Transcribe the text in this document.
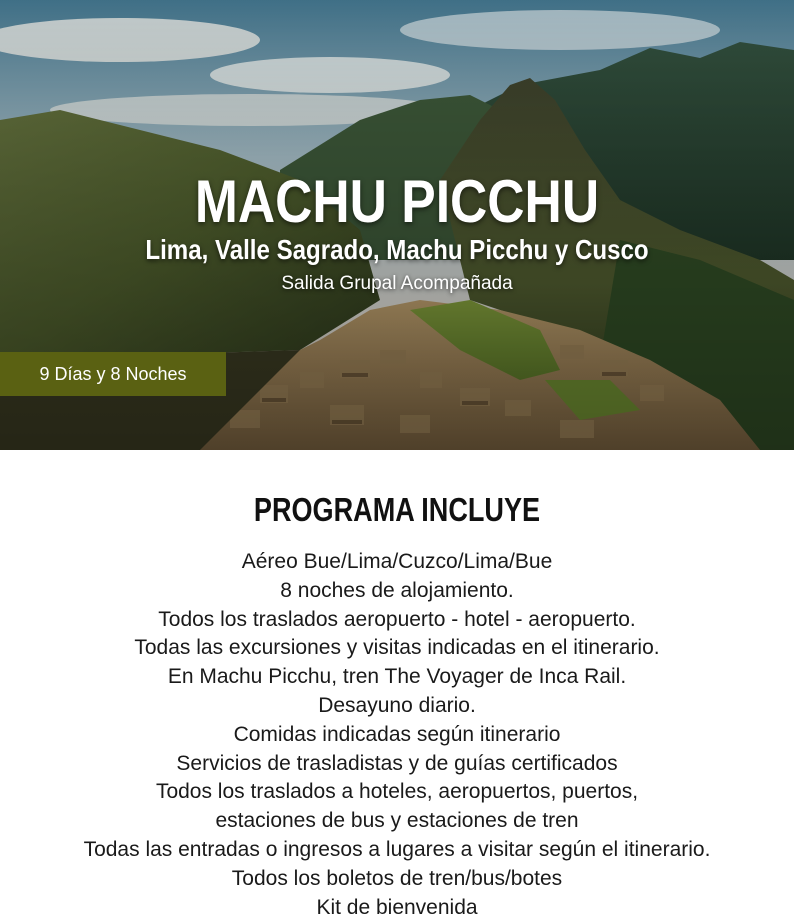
MACHU PICCHU
Lima, Valle Sagrado, Machu Picchu y Cusco

Salida Grupal Acompañada

9 Días y 8 Noches
PROGRAMA INCLUYE
Aéreo Bue/Lima/Cuzco/Lima/Bue
8 noches de alojamiento.
Todos los traslados aeropuerto - hotel - aeropuerto.
Todas las excursiones y visitas indicadas en el itinerario.
En Machu Picchu, tren The Voyager de Inca Rail.
Desayuno diario.
Comidas indicadas según itinerario
Servicios de trasladistas y de guías certificados
Todos los traslados a hoteles, aeropuertos, puertos,
estaciones de bus y estaciones de tren
Todas las entradas o ingresos a lugares a visitar según el itinerario.
Todos los boletos de tren/bus/botes
Kit de bienvenida
